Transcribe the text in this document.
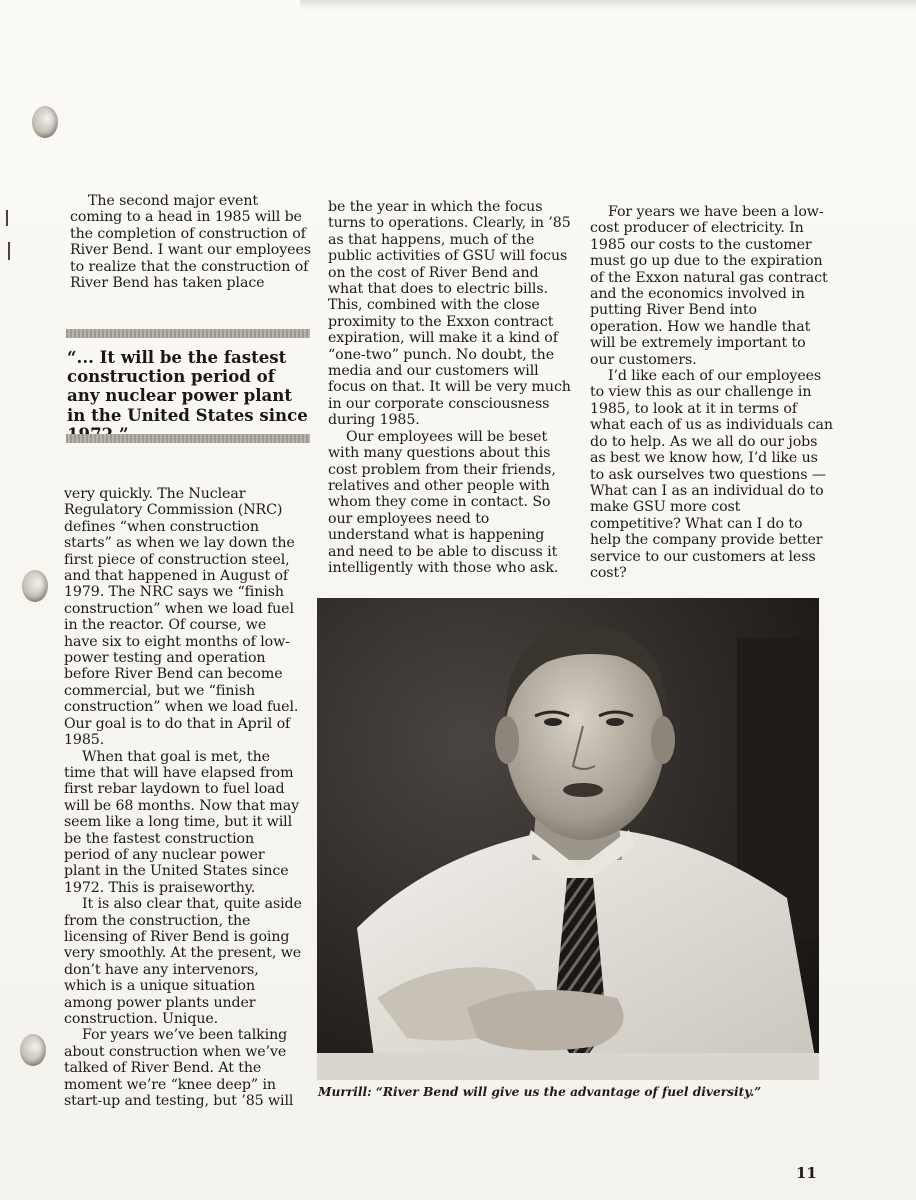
The second major event coming to a head in 1985 will be the completion of construction of River Bend. I want our employees to realize that the construction of River Bend has taken place

“... It will be the fastest construction period of any nuclear power plant in the United States since

very quickly. The Nuclear Regulatory Commission (NRC) defines “when construction starts” as when we lay down the first piece of construction steel, and that happened in August of 1979. The NRC says we “finish construction” when we load fuel in the reactor. Of course, we have six to eight months of low-power testing and operation before River Bend can become commercial, but we “finish construction” when we load fuel. Our goal is to do that in April of 1985.

When that goal is met, the time that will have elapsed from first rebar laydown to fuel load will be 68 months. Now that may seem like a long time, but it will be the fastest construction period of any nuclear power plant in the United States since 1972. This is praiseworthy.

It is also clear that, quite aside from the construction, the licensing of River Bend is going very smoothly. At the present, we don’t have any intervenors, which is a unique situation among power plants under construction. Unique.

For years we’ve been talking about construction when we’ve talked of River Bend. At the moment we’re “knee deep” in start-up and testing, but ’85 will

be the year in which the focus turns to operations. Clearly, in ’85 as that happens, much of the public activities of GSU will focus on the cost of River Bend and what that does to electric bills. This, combined with the close proximity to the Exxon contract expiration, will make it a kind of “one-two” punch. No doubt, the media and our customers will focus on that. It will be very much in our corporate consciousness during 1985.

Our employees will be beset with many questions about this cost problem from their friends, relatives and other people with whom they come in contact. So our employees need to understand what is happening and need to be able to discuss it intelligently with those who ask.

For years we have been a low-cost producer of electricity. In 1985 our costs to the customer must go up due to the expiration of the Exxon natural gas contract and the economics involved in putting River Bend into operation. How we handle that will be extremely important to our customers.

I’d like each of our employees to view this as our challenge in 1985, to look at it in terms of what each of us as individuals can do to help. As we all do our jobs as best we know how, I’d like us to ask ourselves two questions — What can I as an individual do to make GSU more cost competitive? What can I do to help the company provide better service to our customers at less cost?

Murrill: “River Bend will give us the advantage of fuel diversity.”
11
